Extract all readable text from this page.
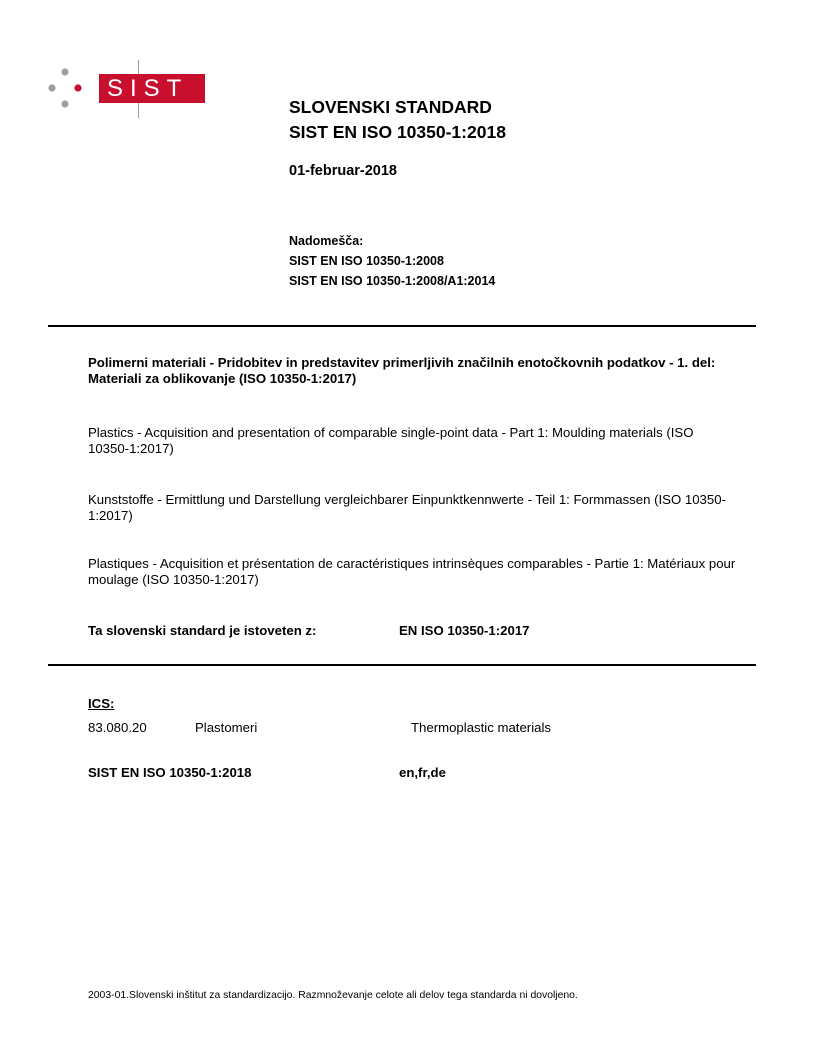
SIST
SLOVENSKI STANDARD
SIST EN ISO 10350-1:2018
01-februar-2018
Nadomešča:
SIST EN ISO 10350-1:2008
SIST EN ISO 10350-1:2008/A1:2014
Polimerni materiali - Pridobitev in predstavitev primerljivih značilnih enotočkovnih podatkov - 1. del: Materiali za oblikovanje (ISO 10350-1:2017)
Plastics - Acquisition and presentation of comparable single-point data - Part 1: Moulding materials (ISO 10350-1:2017)
Kunststoffe - Ermittlung und Darstellung vergleichbarer Einpunktkennwerte - Teil 1: Formmassen (ISO 10350-1:2017)
Plastiques - Acquisition et présentation de caractéristiques intrinsèques comparables - Partie 1: Matériaux pour moulage (ISO 10350-1:2017)
Ta slovenski standard je istoveten z:	EN ISO 10350-1:2017
ICS:
83.080.20	Plastomeri	Thermoplastic materials
SIST EN ISO 10350-1:2018	en,fr,de
2003-01.Slovenski inštitut za standardizacijo. Razmnoževanje celote ali delov tega standarda ni dovoljeno.
